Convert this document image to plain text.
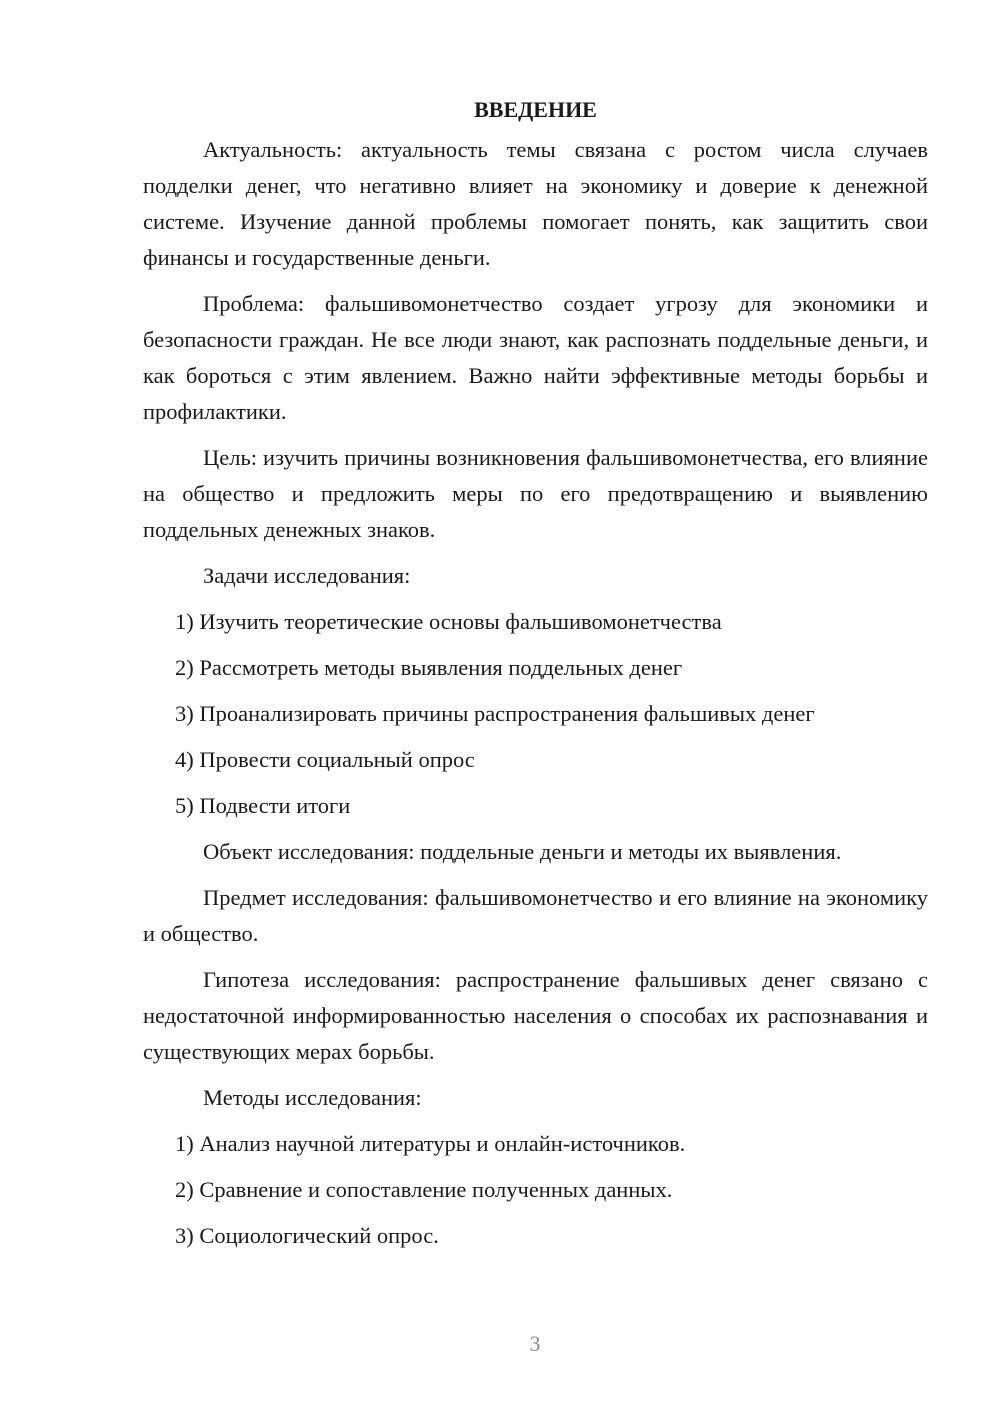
ВВЕДЕНИЕ

Актуальность: актуальность темы связана с ростом числа случаев подделки денег, что негативно влияет на экономику и доверие к денежной системе. Изучение данной проблемы помогает понять, как защитить свои финансы и государственные деньги.

Проблема: фальшивомонетчество создает угрозу для экономики и безопасности граждан. Не все люди знают, как распознать поддельные деньги, и как бороться с этим явлением. Важно найти эффективные методы борьбы и профилактики.

Цель: изучить причины возникновения фальшивомонетчества, его влияние на общество и предложить меры по его предотвращению и выявлению поддельных денежных знаков.

Задачи исследования:

1) Изучить теоретические основы фальшивомонетчества
2) Рассмотреть методы выявления поддельных денег
3) Проанализировать причины распространения фальшивых денег
4) Провести социальный опрос
5) Подвести итоги

Объект исследования: поддельные деньги и методы их выявления.

Предмет исследования: фальшивомонетчество и его влияние на экономику и общество.

Гипотеза исследования: распространение фальшивых денег связано с недостаточной информированностью населения о способах их распознавания и существующих мерах борьбы.

Методы исследования:

1) Анализ научной литературы и онлайн-источников.
2) Сравнение и сопоставление полученных данных.
3) Социологический опрос.
3
